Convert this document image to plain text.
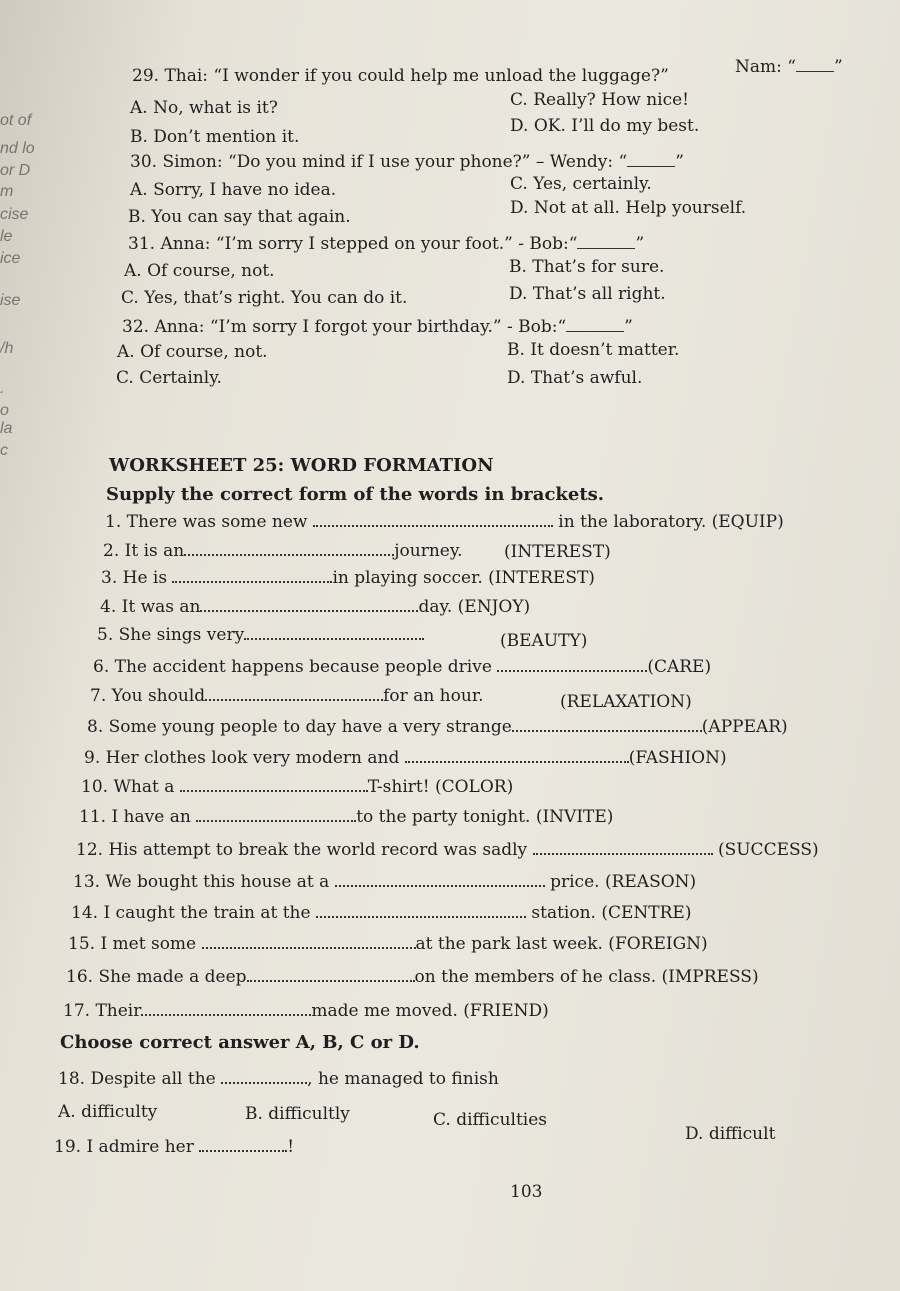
ot of
nd lo
or D
m
cise
le
ice
ise
/h
.
o
la
c
Nam: “ ”
29. Thai: “I wonder if you could help me unload the luggage?”
A. No, what is it?	C. Really? How nice!
B. Don’t mention it.
D. OK. I’ll do my best.
30. Simon: “Do you mind if I use your phone?” – Wendy: “	”
A. Sorry, I have no idea.	C. Yes, certainly.
B. You can say that again.	D. Not at all. Help yourself.
31. Anna: “I’m sorry I stepped on your foot.” - Bob:“	”
A. Of course, not.	B. That’s for sure.
C. Yes, that’s right. You can do it.	D. That’s all right.
32. Anna: “I’m sorry I forgot your birthday.” - Bob:“	”
A. Of course, not.	B. It doesn’t matter.
C. Certainly.	D. That’s awful.
WORKSHEET 25: WORD FORMATION
Supply the correct form of the words in brackets.
1. There was some new	in the laboratory. (EQUIP)
2. It is an	journey. (INTEREST)
3. He is	in playing soccer. (INTEREST)
4. It was an	day. (ENJOY)
5. She sings very	(BEAUTY)
6. The accident happens because people drive	(CARE)
7. You should	for an hour.	(RELAXATION)
8. Some young people to day have a very strange	(APPEAR)
9. Her clothes look very modern and	(FASHION)
10. What a	T-shirt! (COLOR)
11. I have an	to the party tonight. (INVITE)
12. His attempt to break the world record was sadly	(SUCCESS)
13. We bought this house at a	price. (REASON)
14. I caught the train at the	station. (CENTRE)
15. I met some	at the park last week. (FOREIGN)
16. She made a deep	on the members of he class. (IMPRESS)
17. Their	made me moved. (FRIEND)
Choose correct answer A, B, C or D.
18. Despite all the	, he managed to finish
A. difficulty	B. difficultly	C. difficulties
D. difficult
19. I admire her	!
103
